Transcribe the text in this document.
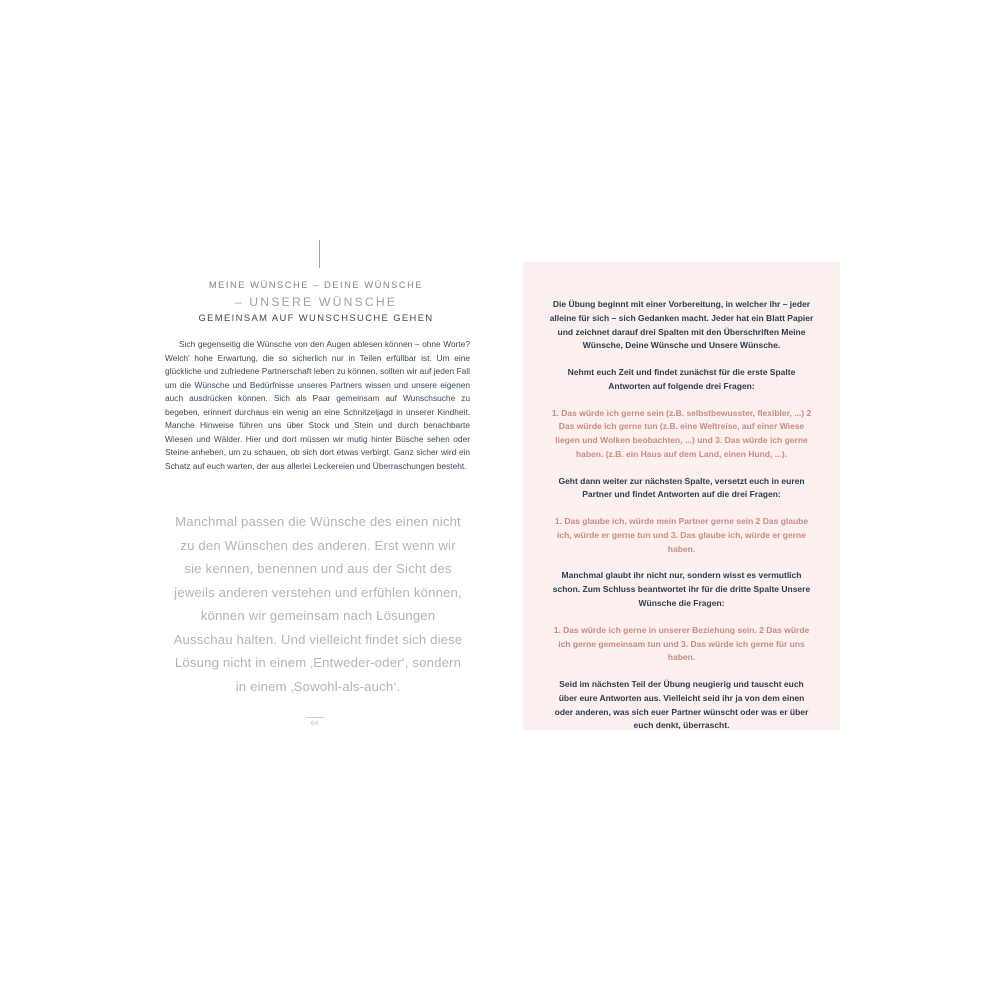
MEINE WÜNSCHE – DEINE WÜNSCHE
– UNSERE WÜNSCHE
GEMEINSAM AUF WUNSCHSUCHE GEHEN
Sich gegenseitig die Wünsche von den Augen ablesen können – ohne Worte? Welch’ hohe Erwartung, die so sicherlich nur in Teilen erfüllbar ist. Um eine glückliche und zufriedene Partnerschaft leben zu können, sollten wir auf jeden Fall um die Wünsche und Bedürfnisse unseres Partners wissen und unsere eigenen auch ausdrücken können. Sich als Paar gemeinsam auf Wunschsuche zu begeben, erinnert durchaus ein wenig an eine Schnitzeljagd in unserer Kindheit. Manche Hinweise führen uns über Stock und Stein und durch benachbarte Wiesen und Wälder. Hier und dort müssen wir mutig hinter Büsche sehen oder Steine anheben, um zu schauen, ob sich dort etwas verbirgt. Ganz sicher wird ein Schatz auf euch warten, der aus allerlei Leckereien und Überraschungen besteht.
Manchmal passen die Wünsche des einen nicht zu den Wünschen des anderen. Erst wenn wir sie kennen, benennen und aus der Sicht des jeweils anderen verstehen und erfühlen können, können wir gemeinsam nach Lösungen Ausschau halten. Und vielleicht findet sich diese Lösung nicht in einem ‚Entweder-oder‘, sondern in einem ‚Sowohl-als-auch‘.
66
Die Übung beginnt mit einer Vorbereitung, in welcher ihr – jeder alleine für sich – sich Gedanken macht. Jeder hat ein Blatt Papier und zeichnet darauf drei Spalten mit den Überschriften Meine Wünsche, Deine Wünsche und Unsere Wünsche.
Nehmt euch Zeit und findet zunächst für die erste Spalte Antworten auf folgende drei Fragen:
1. Das würde ich gerne sein (z.B. selbstbewusster, flexibler, ...) 2 Das würde ich gerne tun (z.B. eine Weltreise, auf einer Wiese liegen und Wolken beobachten, ...) und 3. Das würde ich gerne haben. (z.B. ein Haus auf dem Land, einen Hund, ...).
Geht dann weiter zur nächsten Spalte, versetzt euch in euren Partner und findet Antworten auf die drei Fragen:
1. Das glaube ich, würde mein Partner gerne sein 2 Das glaube ich, würde er gerne tun und 3. Das glaube ich, würde er gerne haben.
Manchmal glaubt ihr nicht nur, sondern wisst es vermutlich schon. Zum Schluss beantwortet ihr für die dritte Spalte Unsere Wünsche die Fragen:
1. Das würde ich gerne in unserer Beziehung sein. 2 Das würde ich gerne gemeinsam tun und 3. Das würde ich gerne für uns haben.
Seid im nächsten Teil der Übung neugierig und tauscht euch über eure Antworten aus. Vielleicht seid ihr ja von dem einen oder anderen, was sich euer Partner wünscht oder was er über euch denkt, überrascht.
